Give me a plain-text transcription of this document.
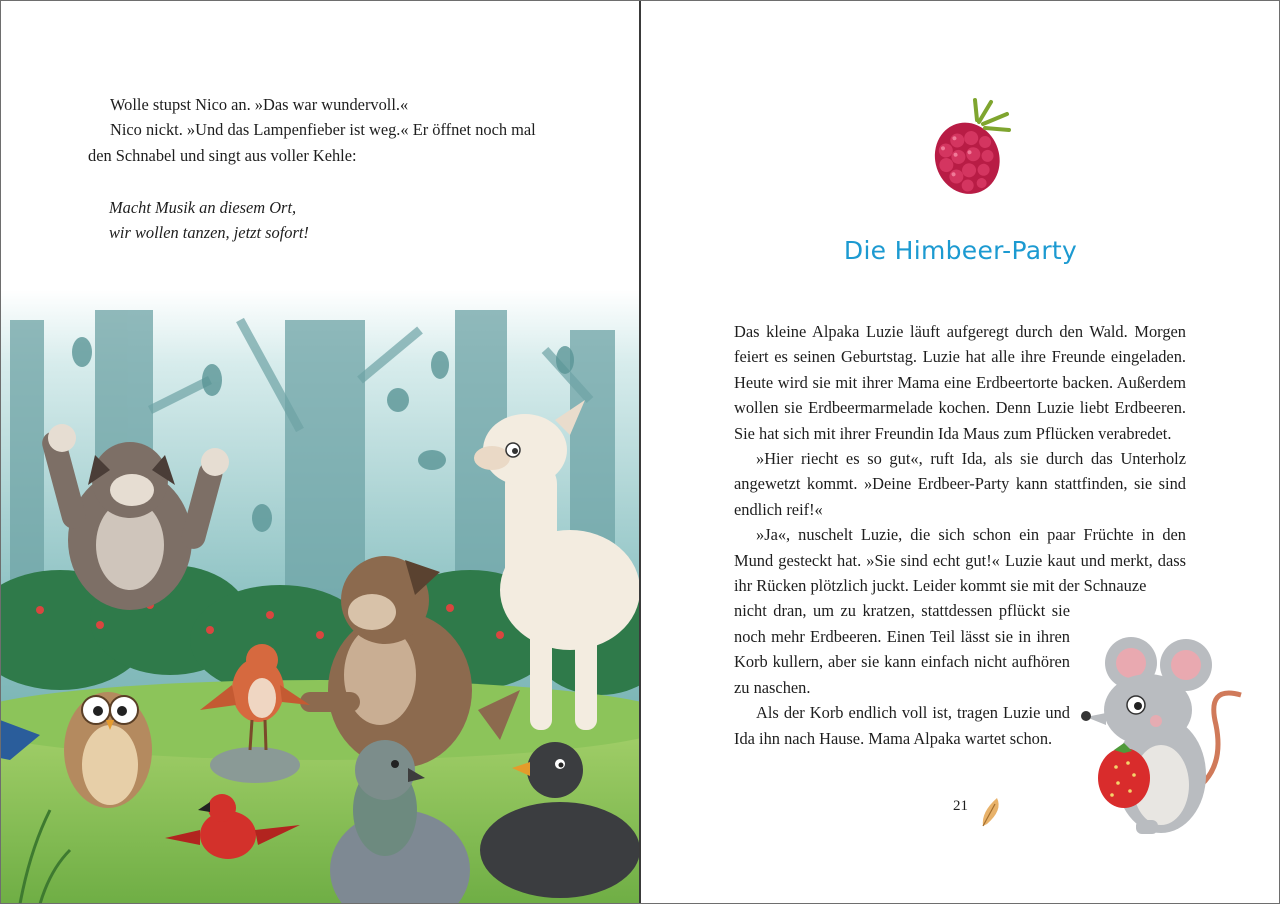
Wolle stupst Nico an. »Das war wundervoll.«

Nico nickt. »Und das Lampenfieber ist weg.« Er öffnet noch mal den Schnabel und singt aus voller Kehle:

Macht Musik an diesem Ort,

wir wollen tanzen, jetzt sofort!

Die Himbeer-Party

Das kleine Alpaka Luzie läuft aufgeregt durch den Wald. Morgen feiert es seinen Geburtstag. Luzie hat alle ihre Freunde eingeladen. Heute wird sie mit ihrer Mama eine Erdbeertorte backen. Außerdem wollen sie Erdbeermarmelade kochen. Denn Luzie liebt Erdbeeren. Sie hat sich mit ihrer Freundin Ida Maus zum Pflücken verabredet.

»Hier riecht es so gut«, ruft Ida, als sie durch das Unterholz angewetzt kommt. »Deine Erdbeer-Party kann stattfinden, sie sind endlich reif!«

»Ja«, nuschelt Luzie, die sich schon ein paar Früchte in den Mund gesteckt hat. »Sie sind echt gut!« Luzie kaut und merkt, dass ihr Rücken plötzlich juckt. Leider kommt sie mit der Schnauze

nicht dran, um zu kratzen, stattdessen pflückt sie noch mehr Erdbeeren. Einen Teil lässt sie in ihren Korb kullern, aber sie kann einfach nicht aufhören zu naschen.

Als der Korb endlich voll ist, tragen Luzie und Ida ihn nach Hause. Mama Alpaka wartet schon.

21
